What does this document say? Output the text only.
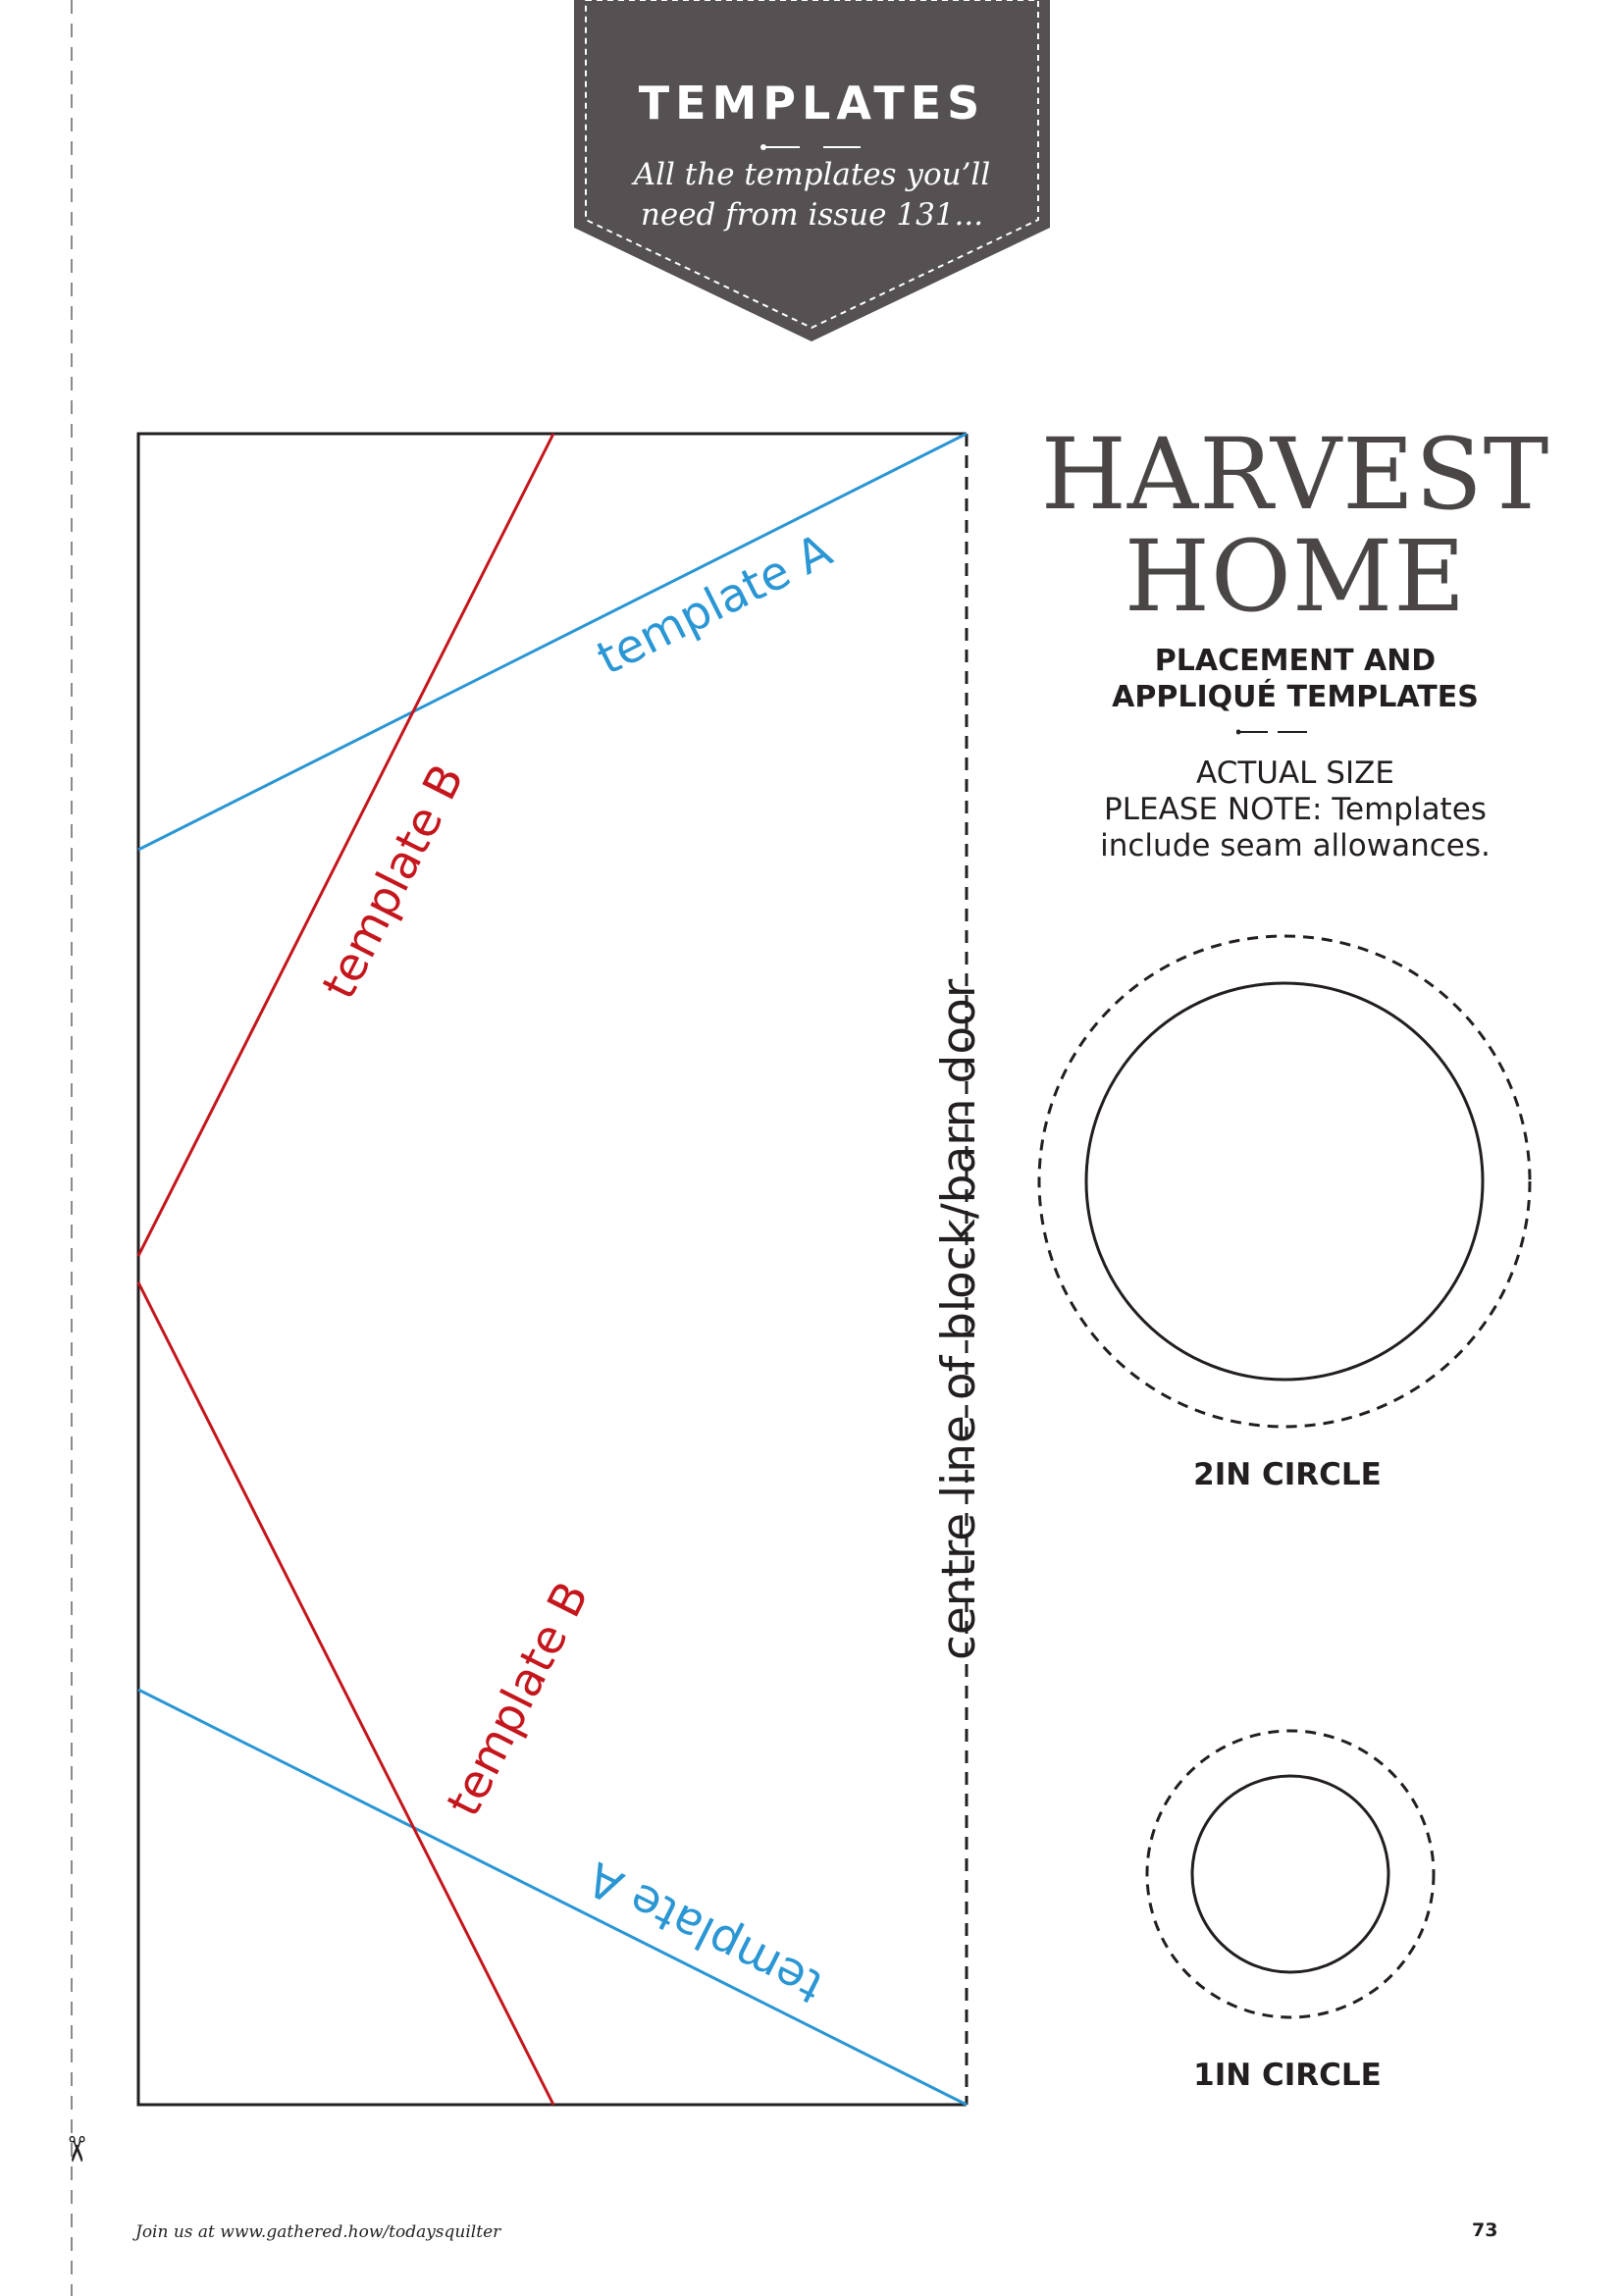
TEMPLATES
All the templates you’ll
need from issue 131...
template A
template B
template B
template A
centre line of block/barn door
HARVEST
HOME
PLACEMENT AND
APPLIQUÉ TEMPLATES
ACTUAL SIZE
PLEASE NOTE: Templates
include seam allowances.
2IN CIRCLE
1IN CIRCLE
✂
Join us at www.gathered.how/todaysquilter	73
